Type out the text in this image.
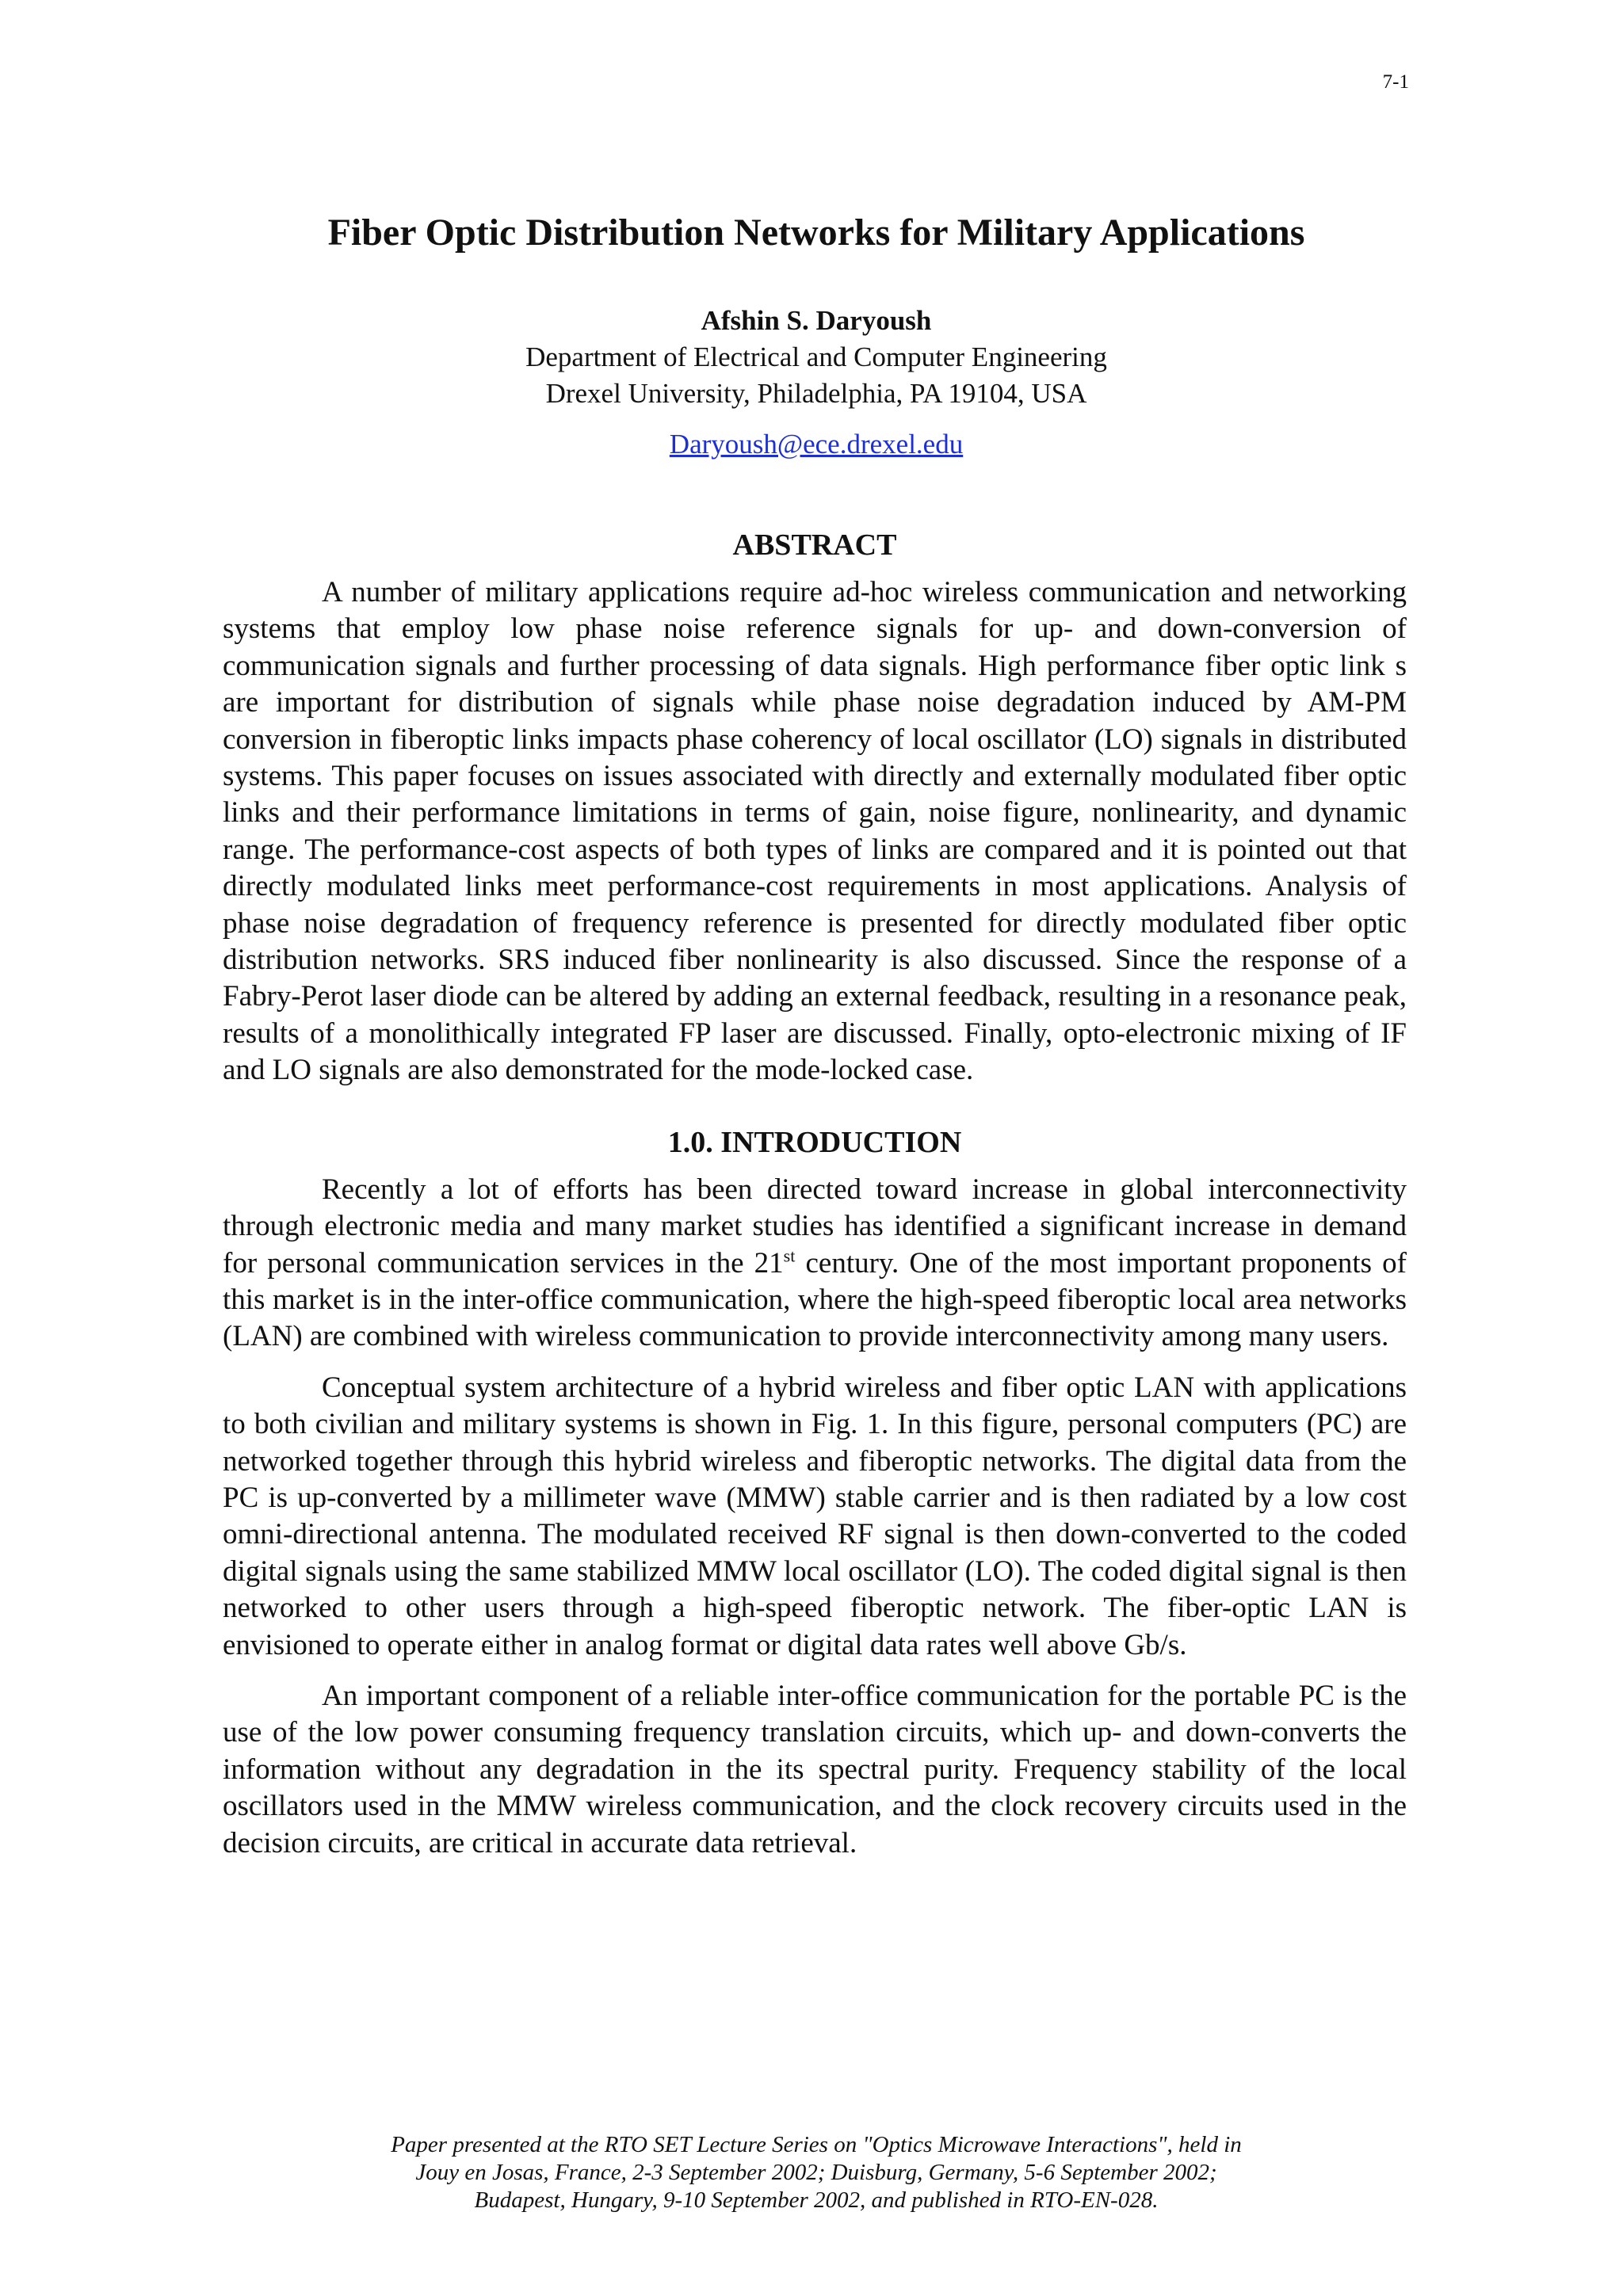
7-1
Fiber Optic Distribution Networks for Military Applications
Afshin S. Daryoush
Department of Electrical and Computer Engineering
Drexel University, Philadelphia, PA 19104, USA
Daryoush@ece.drexel.edu
ABSTRACT

A number of military applications require ad-hoc wireless communication and networking systems that employ low phase noise reference signals for up- and down-conversion of communication signals and further processing of data signals. High performance fiber optic link s are important for distribution of signals while phase noise degradation induced by AM-PM conversion in fiberoptic links impacts phase coherency of local oscillator (LO) signals in distributed systems. This paper focuses on issues associated with directly and externally modulated fiber optic links and their performance limitations in terms of gain, noise figure, nonlinearity, and dynamic range. The performance-cost aspects of both types of links are compared and it is pointed out that directly modulated links meet performance-cost requirements in most applications. Analysis of phase noise degradation of frequency reference is presented for directly modulated fiber optic distribution networks. SRS induced fiber nonlinearity is also discussed. Since the response of a Fabry-Perot laser diode can be altered by adding an external feedback, resulting in a resonance peak, results of a monolithically integrated FP laser are discussed. Finally, opto-electronic mixing of IF and LO signals are also demonstrated for the mode-locked case.

1.0. INTRODUCTION

Recently a lot of efforts has been directed toward increase in global interconnectivity through electronic media and many market studies has identified a significant increase in demand for personal communication services in the 21st century. One of the most important proponents of this market is in the inter-office communication, where the high-speed fiberoptic local area networks (LAN) are combined with wireless communication to provide interconnectivity among many users.

Conceptual system architecture of a hybrid wireless and fiber optic LAN with applications to both civilian and military systems is shown in Fig. 1. In this figure, personal computers (PC) are networked together through this hybrid wireless and fiberoptic networks. The digital data from the PC is up-converted by a millimeter wave (MMW) stable carrier and is then radiated by a low cost omni-directional antenna. The modulated received RF signal is then down-converted to the coded digital signals using the same stabilized MMW local oscillator (LO). The coded digital signal is then networked to other users through a high-speed fiberoptic network. The fiber-optic LAN is envisioned to operate either in analog format or digital data rates well above Gb/s.

An important component of a reliable inter-office communication for the portable PC is the use of the low power consuming frequency translation circuits, which up- and down-converts the information without any degradation in the its spectral purity. Frequency stability of the local oscillators used in the MMW wireless communication, and the clock recovery circuits used in the decision circuits, are critical in accurate data retrieval.

Paper presented at the RTO SET Lecture Series on "Optics Microwave Interactions", held in
Jouy en Josas, France, 2-3 September 2002; Duisburg, Germany, 5-6 September 2002;
Budapest, Hungary, 9-10 September 2002, and published in RTO-EN-028.
